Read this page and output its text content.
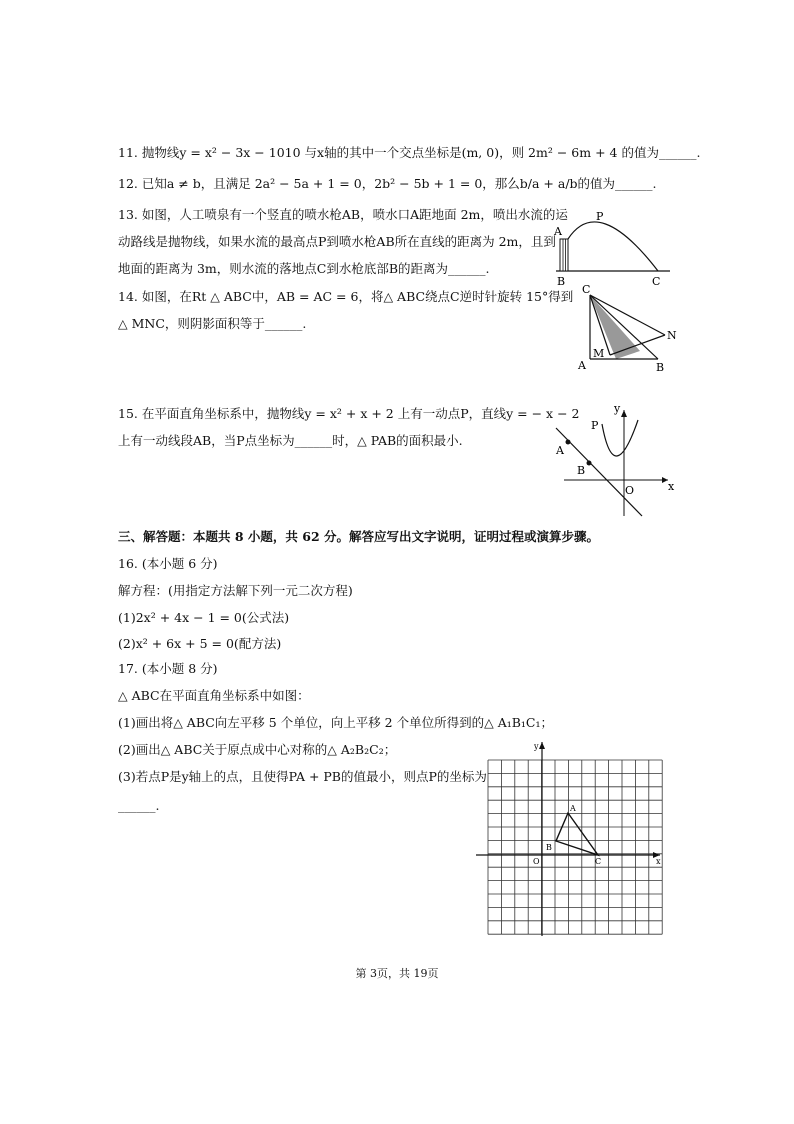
11. 抛物线y = x² − 3x − 1010 与x轴的其中一个交点坐标是(m, 0)，则 2m² − 6m + 4 的值为______.
12. 已知a ≠ b，且满足 2a² − 5a + 1 = 0，2b² − 5b + 1 = 0，那么b/a + a/b的值为______.
13. 如图，人工喷泉有一个竖直的喷水枪AB，喷水口A距地面 2m，喷出水流的运
动路线是抛物线，如果水流的最高点P到喷水枪AB所在直线的距离为 2m，且到
地面的距离为 3m，则水流的落地点C到水枪底部B的距离为______.
A
B	C
P
14. 如图，在Rt △ ABC中，AB = AC = 6，将△ ABC绕点C逆时针旋转 15°得到
△ MNC，则阴影面积等于______.
C
A	B
M
N
15. 在平面直角坐标系中，抛物线y = x² + x + 2 上有一动点P，直线y = − x − 2
上有一动线段AB，当P点坐标为______时，△ PAB的面积最小.
P
A
B
O	x
y
三、解答题：本题共 8 小题，共 62 分。解答应写出文字说明，证明过程或演算步骤。
16. (本小题 6 分)
解方程：(用指定方法解下列一元二次方程)
(1)2x² + 4x − 1 = 0(公式法)
(2)x² + 6x + 5 = 0(配方法)
17. (本小题 8 分)
△ ABC在平面直角坐标系中如图：
(1)画出将△ ABC向左平移 5 个单位，向上平移 2 个单位所得到的△ A₁B₁C₁；
(2)画出△ ABC关于原点成中心对称的△ A₂B₂C₂；
(3)若点P是y轴上的点，且使得PA + PB的值最小，则点P的坐标为
______.	A
B
C
O	x
y
第 3页，共 19页
